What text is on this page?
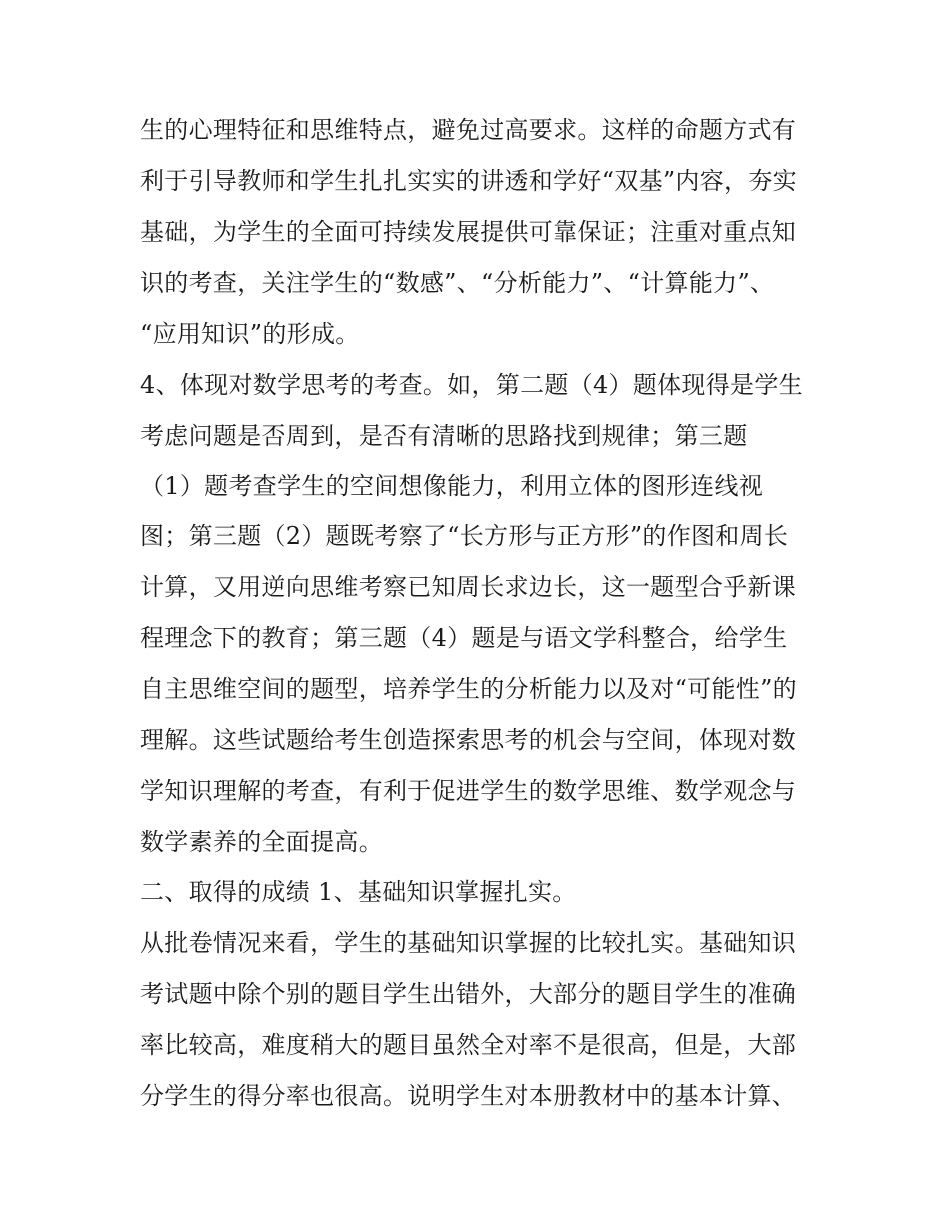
生的心理特征和思维特点，避免过高要求。这样的命题方式有
利于引导教师和学生扎扎实实的讲透和学好“双基”内容，夯实
基础，为学生的全面可持续发展提供可靠保证；注重对重点知
识的考查，关注学生的“数感”、“分析能力”、“计算能力”、
“应用知识”的形成。
4、体现对数学思考的考查。如，第二题（4）题体现得是学生
考虑问题是否周到，是否有清晰的思路找到规律；第三题
（1）题考查学生的空间想像能力，利用立体的图形连线视
图；第三题（2）题既考察了“长方形与正方形”的作图和周长
计算，又用逆向思维考察已知周长求边长，这一题型合乎新课
程理念下的教育；第三题（4）题是与语文学科整合，给学生
自主思维空间的题型，培养学生的分析能力以及对“可能性”的
理解。这些试题给考生创造探索思考的机会与空间，体现对数
学知识理解的考查，有利于促进学生的数学思维、数学观念与
数学素养的全面提高。
二、取得的成绩 1、基础知识掌握扎实。
从批卷情况来看，学生的基础知识掌握的比较扎实。基础知识
考试题中除个别的题目学生出错外，大部分的题目学生的准确
率比较高，难度稍大的题目虽然全对率不是很高，但是，大部
分学生的得分率也很高。说明学生对本册教材中的基本计算、
